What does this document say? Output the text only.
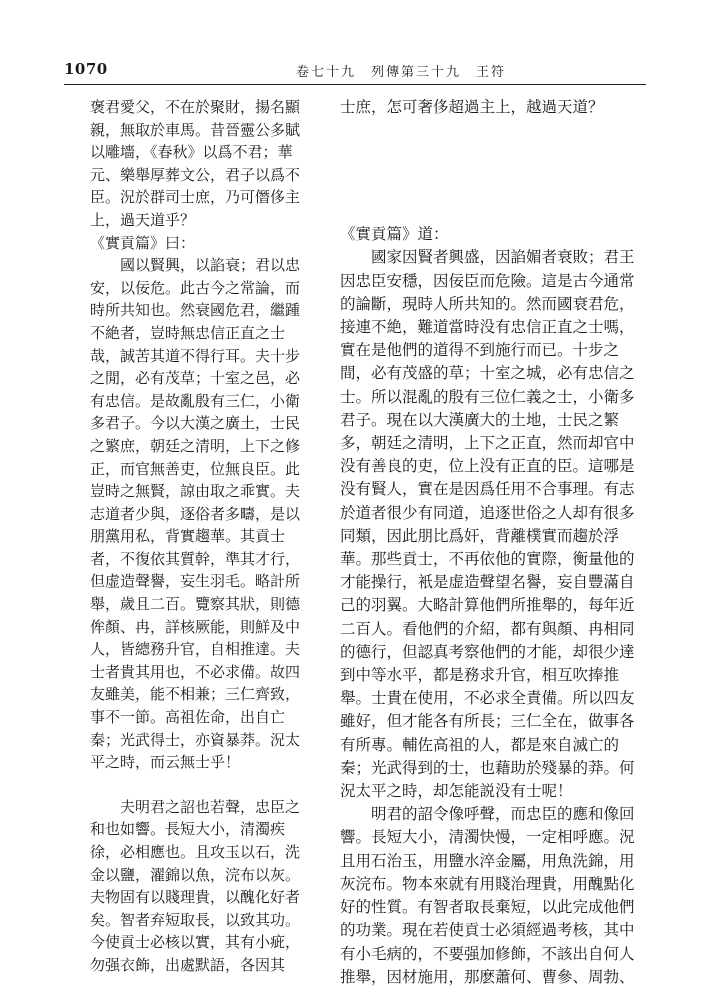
1070	卷七十九　列傳第三十九　王符

褒君愛父，不在於聚財，揚名顯
親，無取於車馬。昔晉靈公多賦
以雕墻，《春秋》以爲不君；華
元、樂舉厚葬文公，君子以爲不
臣。況於群司士庶，乃可僭侈主
上，過天道乎？

《實貢篇》曰：

　　國以賢興，以諂衰；君以忠
安，以佞危。此古今之常論，而
時所共知也。然衰國危君，繼踵
不絶者，豈時無忠信正直之士
哉，誠苦其道不得行耳。夫十步
之閒，必有茂草；十室之邑，必
有忠信。是故亂殷有三仁，小衛
多君子。今以大漢之廣土，士民
之繁庶，朝廷之清明，上下之修
正，而官無善吏，位無良臣。此
豈時之無賢，諒由取之乖實。夫
志道者少與，逐俗者多疇，是以
朋黨用私，背實趨華。其貢士
者，不復依其質幹，準其才行，
但虚造聲譽，妄生羽毛。略計所
舉，歲且二百。覽察其狀，則德
侔顏、冉，詳核厥能，則鮮及中
人，皆總務升官，自相推達。夫
士者貴其用也，不必求備。故四
友雖美，能不相兼；三仁齊致，
事不一節。高祖佐命，出自亡
秦；光武得士，亦資暴莽。況太
平之時，而云無士乎！

　　夫明君之詔也若聲，忠臣之
和也如響。長短大小，清濁疾
徐，必相應也。且攻玉以石，洗
金以鹽，濯錦以魚，浣布以灰。
夫物固有以賤理貴，以醜化好者
矣。智者弃短取長，以致其功。
今使貢士必核以實，其有小疵，
勿强衣飾，出處默語，各因其

士庶，怎可奢侈超過主上，越過天道？

《實貢篇》道：

　　國家因賢者興盛，因諂媚者衰敗；君王
因忠臣安穩，因佞臣而危險。這是古今通常
的論斷，現時人所共知的。然而國衰君危，
接連不絶，難道當時没有忠信正直之士嗎，
實在是他們的道得不到施行而已。十步之
間，必有茂盛的草；十室之城，必有忠信之
士。所以混亂的殷有三位仁義之士，小衛多
君子。現在以大漢廣大的土地，士民之繁
多，朝廷之清明，上下之正直，然而却官中
没有善良的吏，位上没有正直的臣。這哪是
没有賢人，實在是因爲任用不合事理。有志
於道者很少有同道，追逐世俗之人却有很多
同類，因此朋比爲奸，背離樸實而趨於浮
華。那些貢士，不再依他的實際，衡量他的
才能操行，衹是虚造聲望名譽，妄自豐滿自
己的羽翼。大略計算他們所推舉的，每年近
二百人。看他們的介紹，都有與顏、冉相同
的德行，但認真考察他們的才能，却很少達
到中等水平，都是務求升官，相互吹捧推
舉。士貴在使用，不必求全責備。所以四友
雖好，但才能各有所長；三仁全在，做事各
有所專。輔佐高祖的人，都是來自滅亡的
秦；光武得到的士，也藉助於殘暴的莽。何
況太平之時，却怎能説没有士呢！

　　明君的詔令像呼聲，而忠臣的應和像回
響。長短大小，清濁快慢，一定相呼應。況
且用石治玉，用鹽水淬金屬，用魚洗錦，用
灰浣布。物本來就有用賤治理貴，用醜點化
好的性質。有智者取長棄短，以此完成他們
的功業。現在若使貢士必須經過考核，其中
有小毛病的，不要强加修飾，不該出自何人
推舉，因材施用，那麽蕭何、曹參、周勃、
